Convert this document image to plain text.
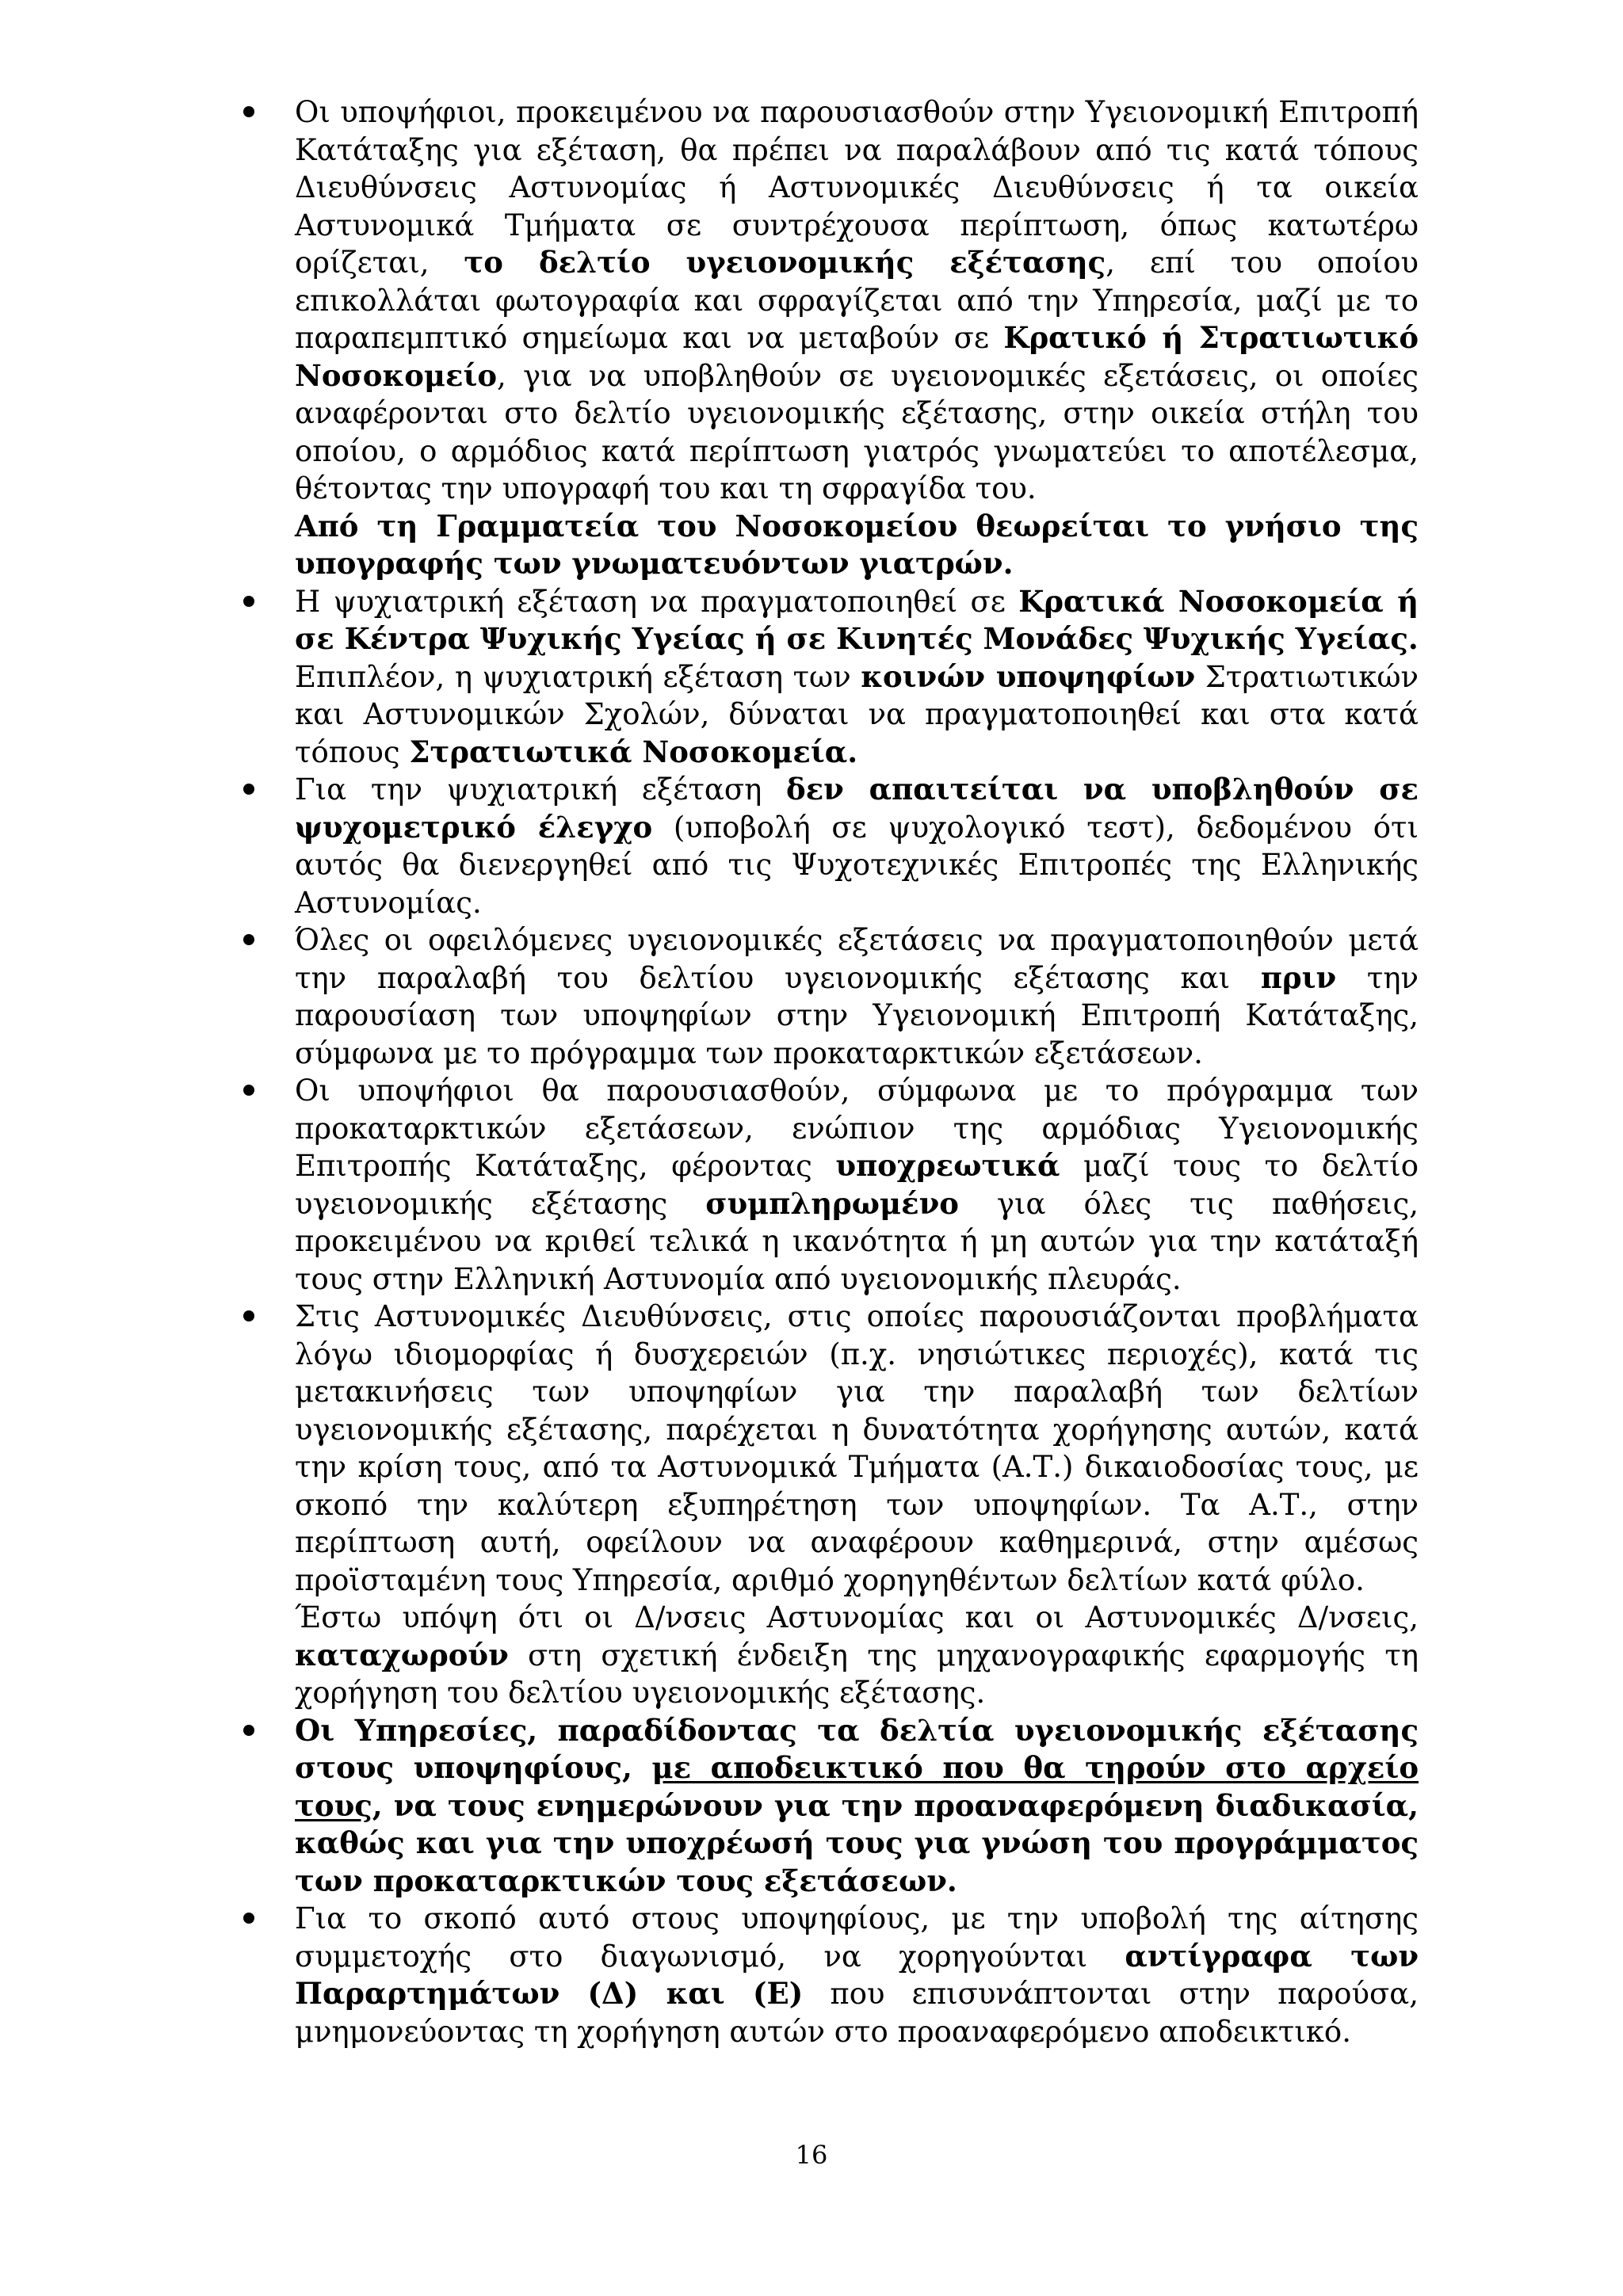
Οι υποψήφιοι, προκειμένου να παρουσιασθούν στην Υγειονομική Επιτροπή Κατάταξης για εξέταση, θα πρέπει να παραλάβουν από τις κατά τόπους Διευθύνσεις Αστυνομίας ή Αστυνομικές Διευθύνσεις ή τα οικεία Αστυνομικά Τμήματα σε συντρέχουσα περίπτωση, όπως κατωτέρω ορίζεται, το δελτίο υγειονομικής εξέτασης, επί του οποίου επικολλάται φωτογραφία και σφραγίζεται από την Υπηρεσία, μαζί με το παραπεμπτικό σημείωμα και να μεταβούν σε Κρατικό ή Στρατιωτικό Νοσοκομείο, για να υποβληθούν σε υγειονομικές εξετάσεις, οι οποίες αναφέρονται στο δελτίο υγειονομικής εξέτασης, στην οικεία στήλη του οποίου, ο αρμόδιος κατά περίπτωση γιατρός γνωματεύει το αποτέλεσμα, θέτοντας την υπογραφή του και τη σφραγίδα του.

Από τη Γραμματεία του Νοσοκομείου θεωρείται το γνήσιο της υπογραφής των γνωματευόντων γιατρών.

Η ψυχιατρική εξέταση να πραγματοποιηθεί σε Κρατικά Νοσοκομεία ή σε Κέντρα Ψυχικής Υγείας ή σε Κινητές Μονάδες Ψυχικής Υγείας.

Επιπλέον, η ψυχιατρική εξέταση των κοινών υποψηφίων Στρατιωτικών και Αστυνομικών Σχολών, δύναται να πραγματοποιηθεί και στα κατά τόπους Στρατιωτικά Νοσοκομεία.

Για την ψυχιατρική εξέταση δεν απαιτείται να υποβληθούν σε ψυχομετρικό έλεγχο (υποβολή σε ψυχολογικό τεστ), δεδομένου ότι αυτός θα διενεργηθεί από τις Ψυχοτεχνικές Επιτροπές της Ελληνικής Αστυνομίας.

Όλες οι οφειλόμενες υγειονομικές εξετάσεις να πραγματοποιηθούν μετά την παραλαβή του δελτίου υγειονομικής εξέτασης και πριν την παρουσίαση των υποψηφίων στην Υγειονομική Επιτροπή Κατάταξης, σύμφωνα με το πρόγραμμα των προκαταρκτικών εξετάσεων.

Οι υποψήφιοι θα παρουσιασθούν, σύμφωνα με το πρόγραμμα των προκαταρκτικών εξετάσεων, ενώπιον της αρμόδιας Υγειονομικής Επιτροπής Κατάταξης, φέροντας υποχρεωτικά μαζί τους το δελτίο υγειονομικής εξέτασης συμπληρωμένο για όλες τις παθήσεις, προκειμένου να κριθεί τελικά η ικανότητα ή μη αυτών για την κατάταξή τους στην Ελληνική Αστυνομία από υγειονομικής πλευράς.

Στις Αστυνομικές Διευθύνσεις, στις οποίες παρουσιάζονται προβλήματα λόγω ιδιομορφίας ή δυσχερειών (π.χ. νησιώτικες περιοχές), κατά τις μετακινήσεις των υποψηφίων για την παραλαβή των δελτίων υγειονομικής εξέτασης, παρέχεται η δυνατότητα χορήγησης αυτών, κατά την κρίση τους, από τα Αστυνομικά Τμήματα (Α.Τ.) δικαιοδοσίας τους, με σκοπό την καλύτερη εξυπηρέτηση των υποψηφίων. Τα Α.Τ., στην περίπτωση αυτή, οφείλουν να αναφέρουν καθημερινά, στην αμέσως προϊσταμένη τους Υπηρεσία, αριθμό χορηγηθέντων δελτίων κατά φύλο.

Έστω υπόψη ότι οι Δ/νσεις Αστυνομίας και οι Αστυνομικές Δ/νσεις, καταχωρούν στη σχετική ένδειξη της μηχανογραφικής εφαρμογής τη χορήγηση του δελτίου υγειονομικής εξέτασης.

Οι Υπηρεσίες, παραδίδοντας τα δελτία υγειονομικής εξέτασης στους υποψηφίους, με αποδεικτικό που θα τηρούν στο αρχείο τους, να τους ενημερώνουν για την προαναφερόμενη διαδικασία, καθώς και για την υποχρέωσή τους για γνώση του προγράμματος των προκαταρκτικών τους εξετάσεων.

Για το σκοπό αυτό στους υποψηφίους, με την υποβολή της αίτησης συμμετοχής στο διαγωνισμό, να χορηγούνται αντίγραφα των Παραρτημάτων (Δ) και (Ε) που επισυνάπτονται στην παρούσα, μνημονεύοντας τη χορήγηση αυτών στο προαναφερόμενο αποδεικτικό.

16
